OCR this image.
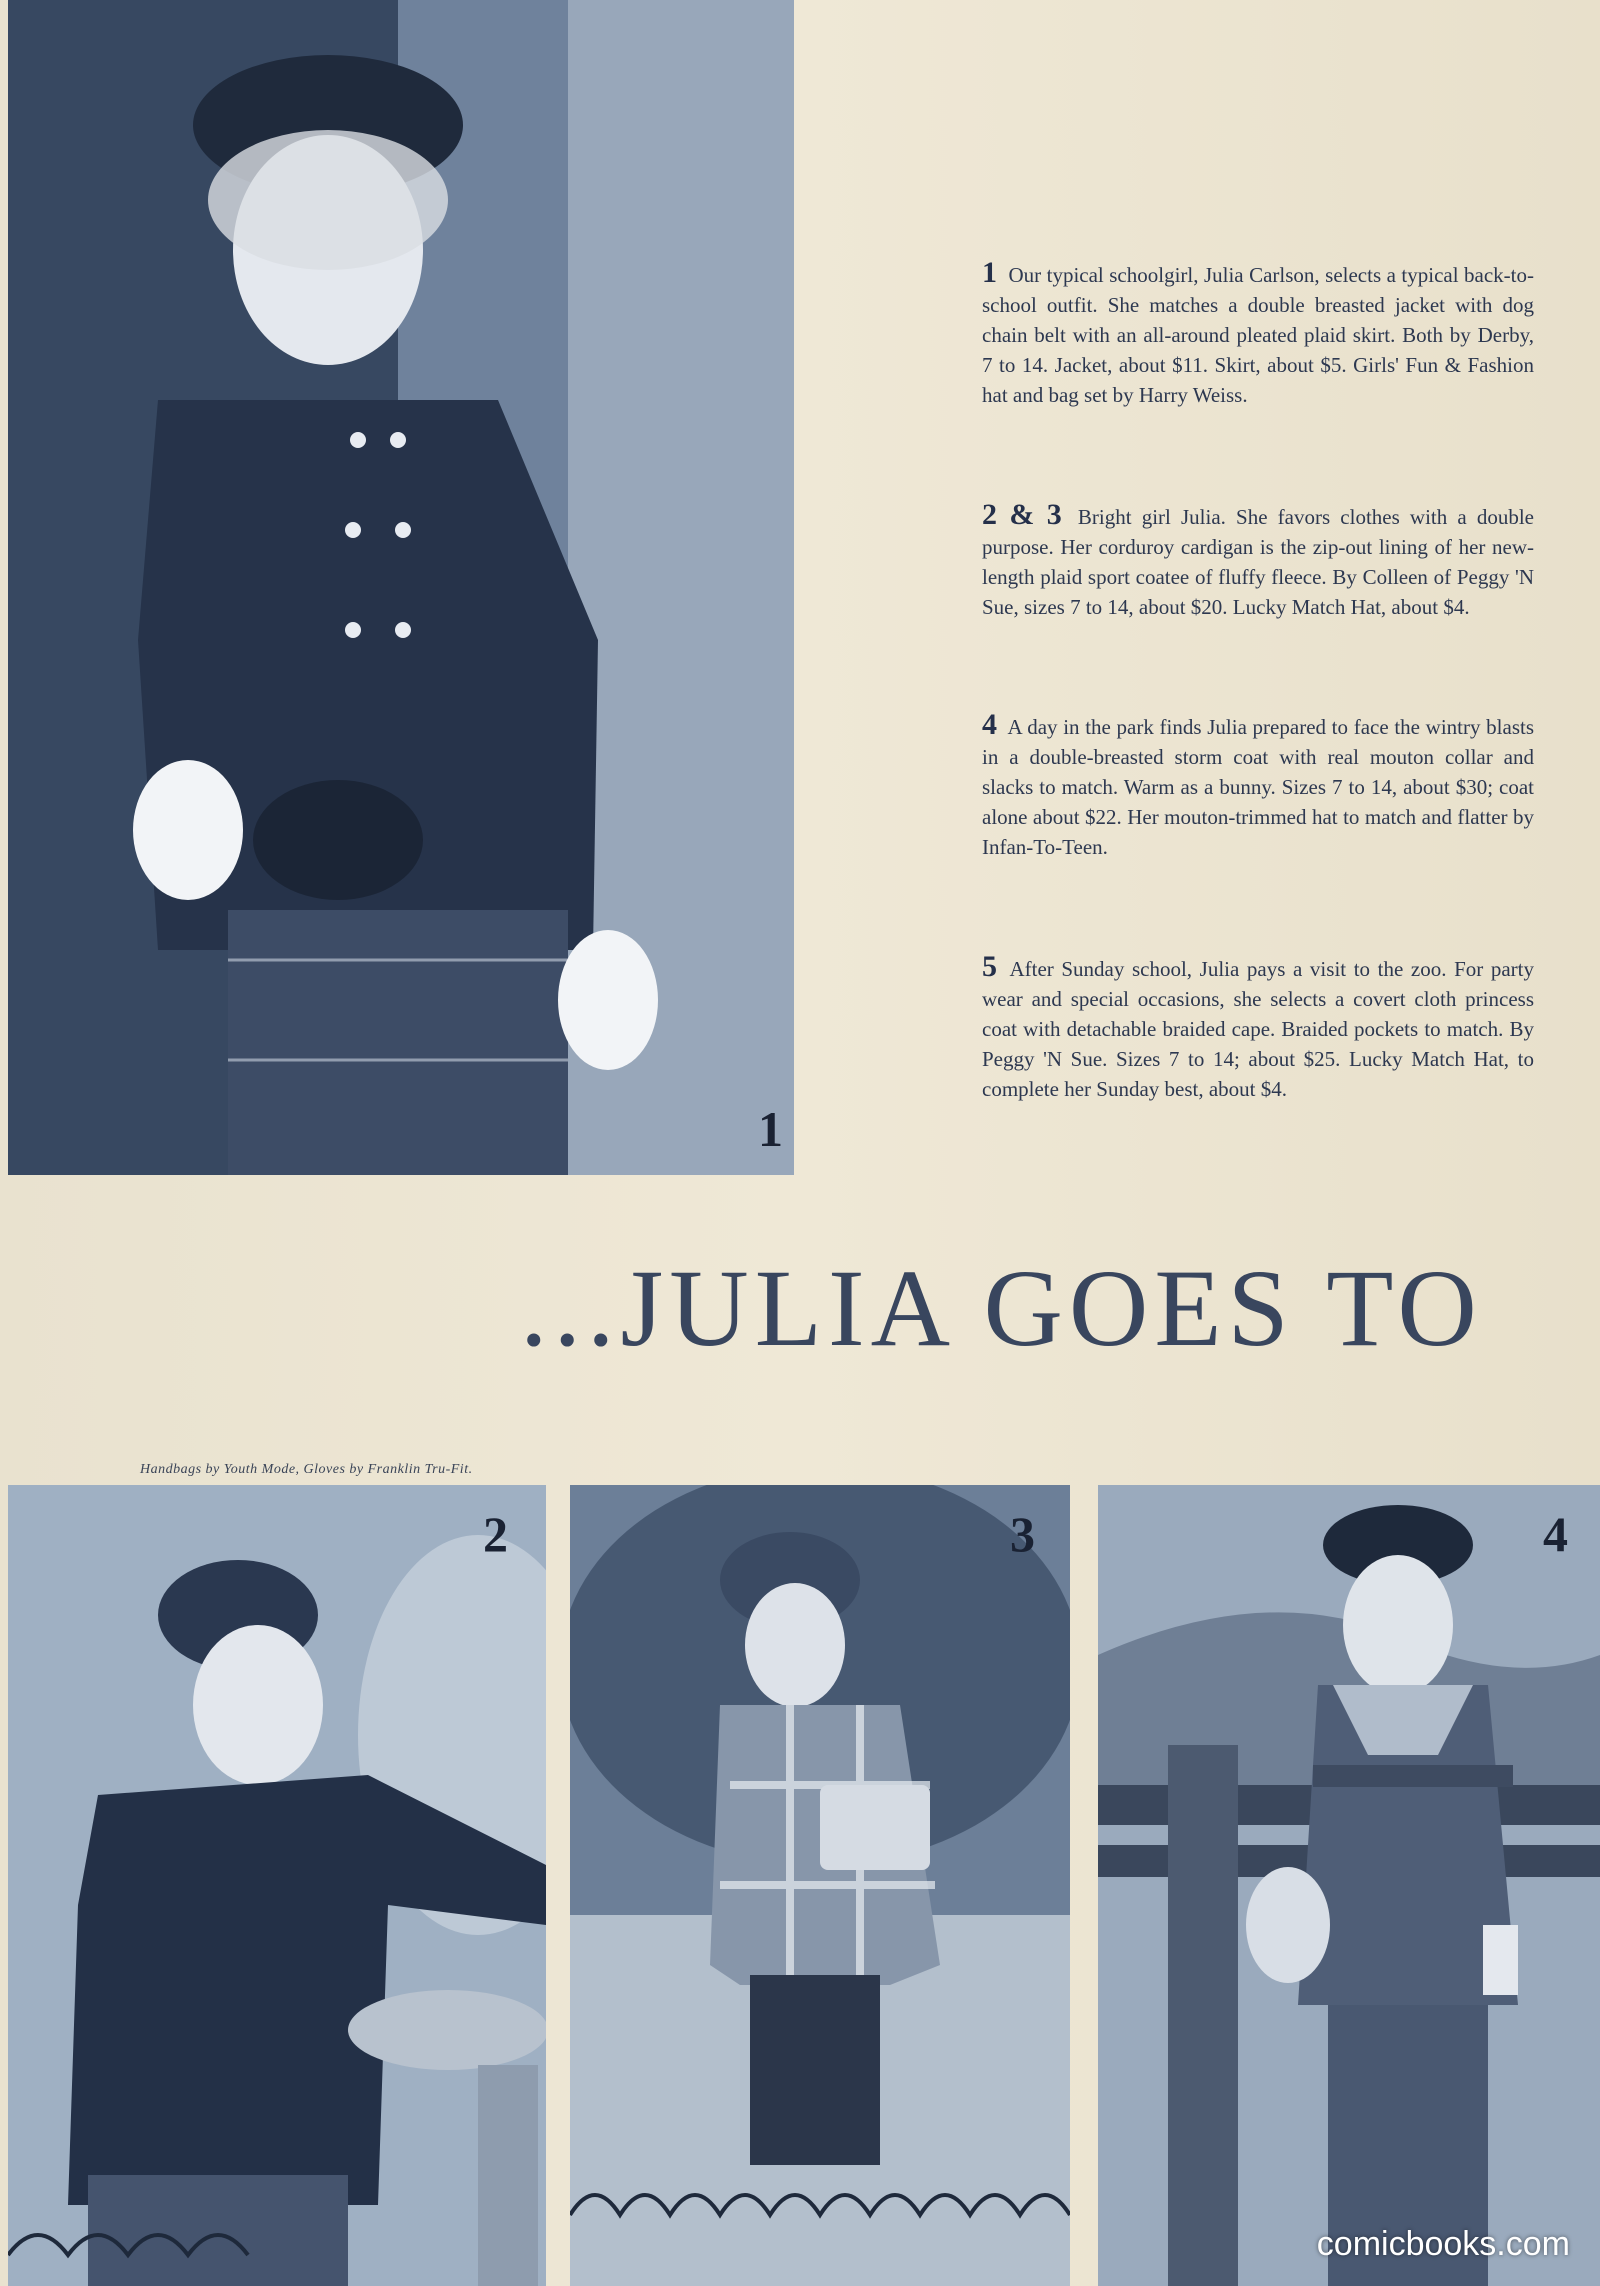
1
1 Our typical schoolgirl, Julia Carlson, selects a typical back-to-school outfit. She matches a double breasted jacket with dog chain belt with an all-around pleated plaid skirt. Both by Derby, 7 to 14. Jacket, about $11. Skirt, about $5. Girls' Fun & Fashion hat and bag set by Harry Weiss.
2 & 3 Bright girl Julia. She favors clothes with a double purpose. Her corduroy cardigan is the zip-out lining of her new-length plaid sport coatee of fluffy fleece. By Colleen of Peggy 'N Sue, sizes 7 to 14, about $20. Lucky Match Hat, about $4.
4 A day in the park finds Julia prepared to face the wintry blasts in a double-breasted storm coat with real mouton collar and slacks to match. Warm as a bunny. Sizes 7 to 14, about $30; coat alone about $22. Her mouton-trimmed hat to match and flatter by Infan-To-Teen.
5 After Sunday school, Julia pays a visit to the zoo. For party wear and special occasions, she selects a covert cloth princess coat with detachable braided cape. Braided pockets to match. By Peggy 'N Sue. Sizes 7 to 14; about $25. Lucky Match Hat, to complete her Sunday best, about $4.
...JULIA GOES TO
Handbags by Youth Mode, Gloves by Franklin Tru-Fit.
2	3	4
comicbooks.com
